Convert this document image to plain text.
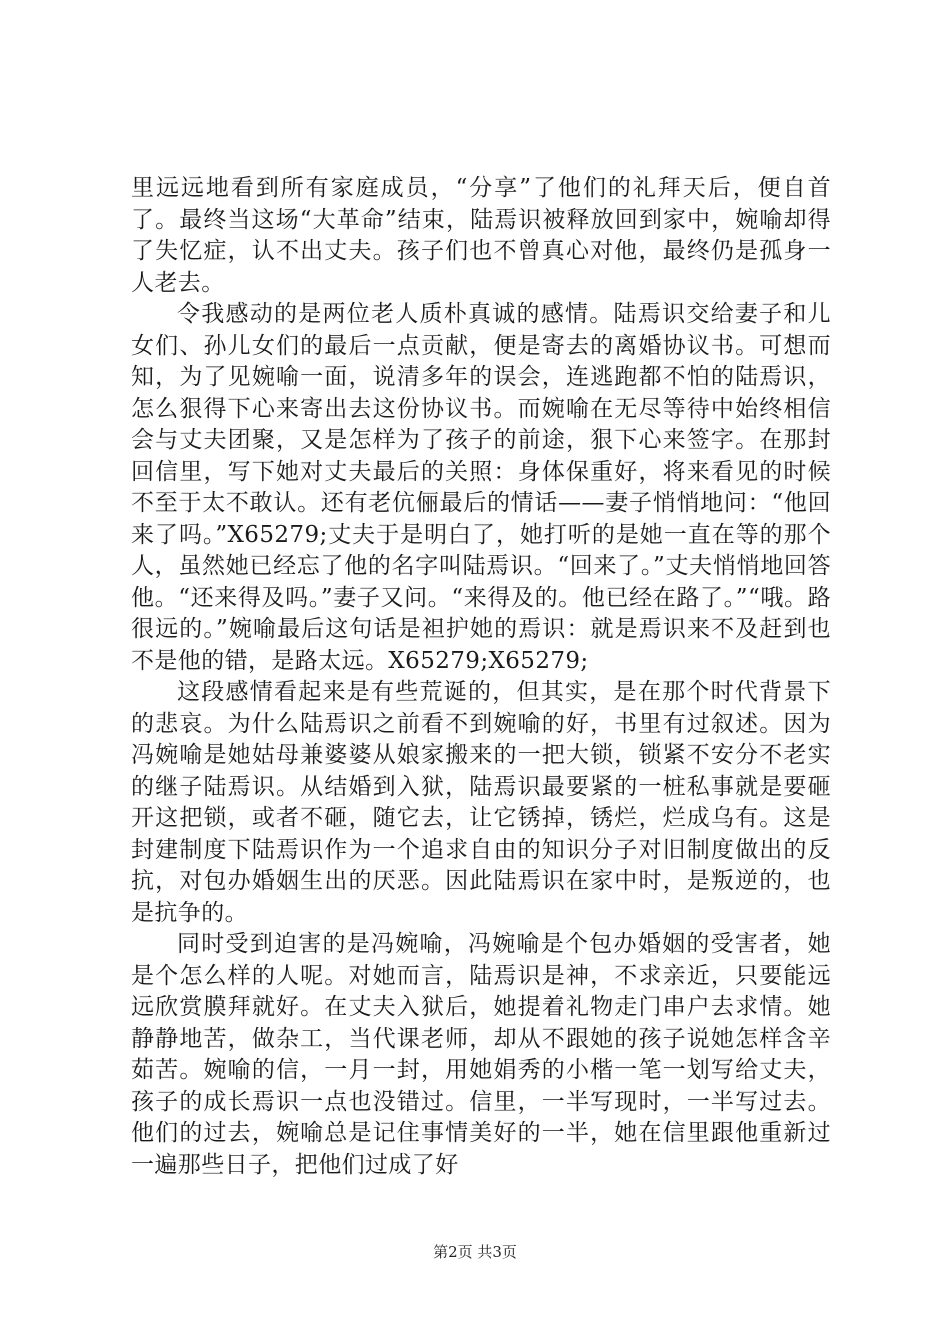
里远远地看到所有家庭成员，“分享”了他们的礼拜天后，便自首了。最终当这场“大革命”结束，陆焉识被释放回到家中，婉喻却得了失忆症，认不出丈夫。孩子们也不曾真心对他，最终仍是孤身一人老去。

令我感动的是两位老人质朴真诚的感情。陆焉识交给妻子和儿女们、孙儿女们的最后一点贡献，便是寄去的离婚协议书。可想而知，为了见婉喻一面，说清多年的误会，连逃跑都不怕的陆焉识，怎么狠得下心来寄出去这份协议书。而婉喻在无尽等待中始终相信会与丈夫团聚，又是怎样为了孩子的前途，狠下心来签字。在那封回信里，写下她对丈夫最后的关照：身体保重好，将来看见的时候不至于太不敢认。还有老伉俪最后的情话——妻子悄悄地问：“他回来了吗。”X65279;丈夫于是明白了，她打听的是她一直在等的那个人，虽然她已经忘了他的名字叫陆焉识。“回来了。”丈夫悄悄地回答他。“还来得及吗。”妻子又问。“来得及的。他已经在路了。”“哦。路很远的。”婉喻最后这句话是袒护她的焉识：就是焉识来不及赶到也不是他的错，是路太远。X65279;X65279;

这段感情看起来是有些荒诞的，但其实，是在那个时代背景下的悲哀。为什么陆焉识之前看不到婉喻的好，书里有过叙述。因为冯婉喻是她姑母兼婆婆从娘家搬来的一把大锁，锁紧不安分不老实的继子陆焉识。从结婚到入狱，陆焉识最要紧的一桩私事就是要砸开这把锁，或者不砸，随它去，让它锈掉，锈烂，烂成乌有。这是封建制度下陆焉识作为一个追求自由的知识分子对旧制度做出的反抗，对包办婚姻生出的厌恶。因此陆焉识在家中时，是叛逆的，也是抗争的。

同时受到迫害的是冯婉喻，冯婉喻是个包办婚姻的受害者，她是个怎么样的人呢。对她而言，陆焉识是神，不求亲近，只要能远远欣赏膜拜就好。在丈夫入狱后，她提着礼物走门串户去求情。她静静地苦，做杂工，当代课老师，却从不跟她的孩子说她怎样含辛茹苦。婉喻的信，一月一封，用她娟秀的小楷一笔一划写给丈夫，孩子的成长焉识一点也没错过。信里，一半写现时，一半写过去。他们的过去，婉喻总是记住事情美好的一半，她在信里跟他重新过一遍那些日子，把他们过成了好

第2页 共3页
